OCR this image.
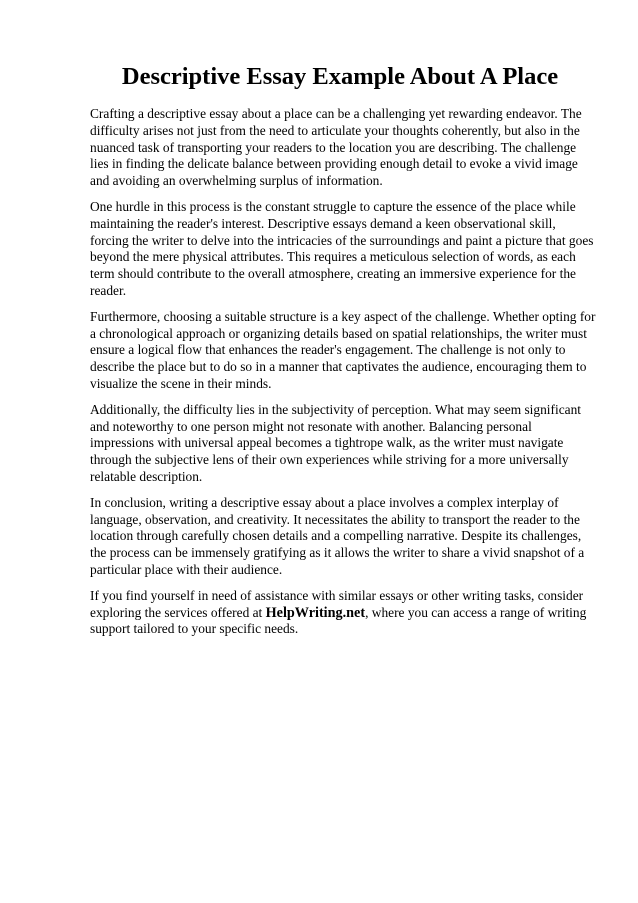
Descriptive Essay Example About A Place

Crafting a descriptive essay about a place can be a challenging yet rewarding endeavor. The difficulty arises not just from the need to articulate your thoughts coherently, but also in the nuanced task of transporting your readers to the location you are describing. The challenge lies in finding the delicate balance between providing enough detail to evoke a vivid image and avoiding an overwhelming surplus of information.

One hurdle in this process is the constant struggle to capture the essence of the place while maintaining the reader's interest. Descriptive essays demand a keen observational skill, forcing the writer to delve into the intricacies of the surroundings and paint a picture that goes beyond the mere physical attributes. This requires a meticulous selection of words, as each term should contribute to the overall atmosphere, creating an immersive experience for the reader.

Furthermore, choosing a suitable structure is a key aspect of the challenge. Whether opting for a chronological approach or organizing details based on spatial relationships, the writer must ensure a logical flow that enhances the reader's engagement. The challenge is not only to describe the place but to do so in a manner that captivates the audience, encouraging them to visualize the scene in their minds.

Additionally, the difficulty lies in the subjectivity of perception. What may seem significant and noteworthy to one person might not resonate with another. Balancing personal impressions with universal appeal becomes a tightrope walk, as the writer must navigate through the subjective lens of their own experiences while striving for a more universally relatable description.

In conclusion, writing a descriptive essay about a place involves a complex interplay of language, observation, and creativity. It necessitates the ability to transport the reader to the location through carefully chosen details and a compelling narrative. Despite its challenges, the process can be immensely gratifying as it allows the writer to share a vivid snapshot of a particular place with their audience.

If you find yourself in need of assistance with similar essays or other writing tasks, consider exploring the services offered at HelpWriting.net, where you can access a range of writing support tailored to your specific needs.
